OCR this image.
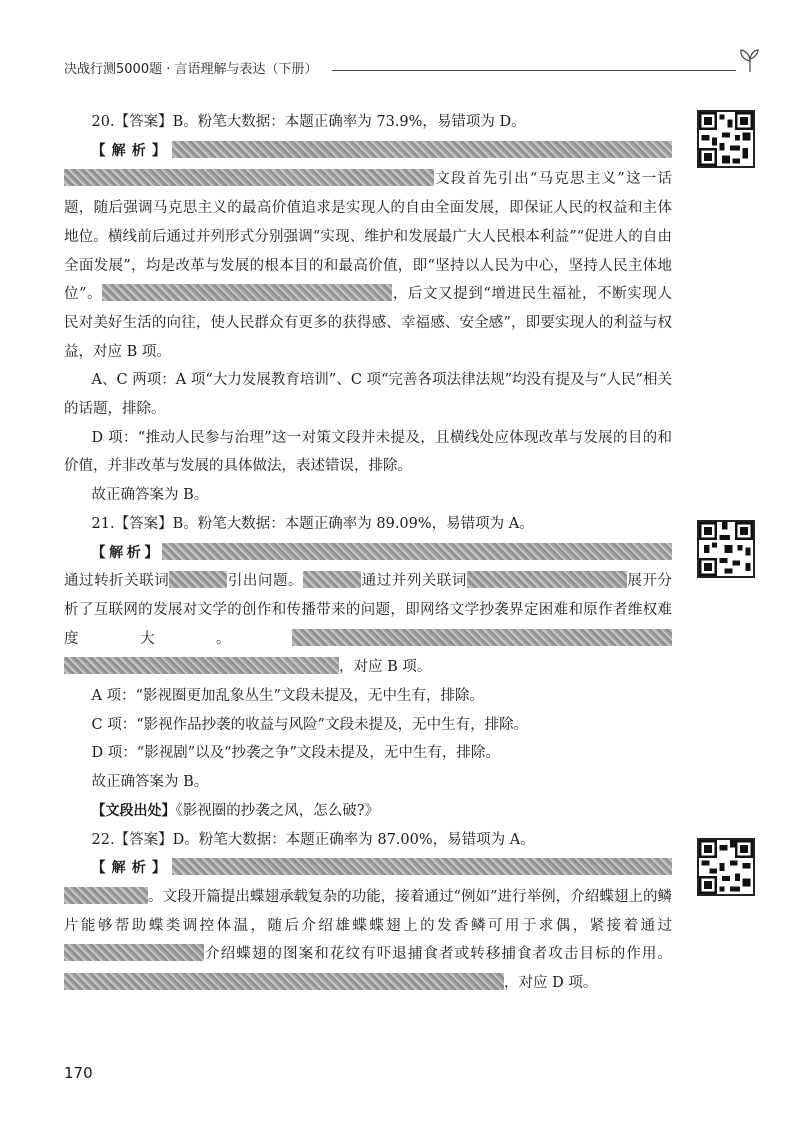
决战行测5000题 · 言语理解与表达（下册）

20.【答案】B。粉笔大数据：本题正确率为 73.9%，易错项为 D。

【解析】文段首先引出“马克思主义”这一话题，随后强调马克思主义的最高价值追求是实现人的自由全面发展，即保证人民的权益和主体地位。横线前后通过并列形式分别强调“实现、维护和发展最广大人民根本利益”“促进人的自由全面发展”，均是改革与发展的根本目的和最高价值，即“坚持以人民为中心，坚持人民主体地位”。	，后文又提到“增进民生福祉，不断实现人民对美好生活的向往，使人民群众有更多的获得感、幸福感、安全感”，即要实现人的利益与权益，对应 B 项。

A、C 两项：A 项“大力发展教育培训”、C 项“完善各项法律法规”均没有提及与“人民”相关的话题，排除。

D 项：“推动人民参与治理”这一对策文段并未提及，且横线处应体现改革与发展的目的和价值，并非改革与发展的具体做法，表述错误，排除。

故正确答案为 B。

21.【答案】B。粉笔大数据：本题正确率为 89.09%，易错项为 A。

【解析】通过转折关联词	引出问题。	通过并列关联词	展开分析了互联网的发展对文学的创作和传播带来的问题，即网络文学抄袭界定困难和原作者维权难度大。，对应 B 项。

A 项：“影视圈更加乱象丛生”文段未提及，无中生有，排除。

C 项：“影视作品抄袭的收益与风险”文段未提及，无中生有，排除。

D 项：“影视剧”以及“抄袭之争”文段未提及，无中生有，排除。

故正确答案为 B。

【文段出处】《影视圈的抄袭之风，怎么破?》

22.【答案】D。粉笔大数据：本题正确率为 87.00%，易错项为 A。

【解析】。文段开篇提出蝶翅承载复杂的功能，接着通过“例如”进行举例，介绍蝶翅上的鳞片能够帮助蝶类调控体温，随后介绍雄蝶蝶翅上的发香鳞可用于求偶，紧接着通过介绍蝶翅的图案和花纹有吓退捕食者或转移捕食者攻击目标的作用。，对应 D 项。

170
